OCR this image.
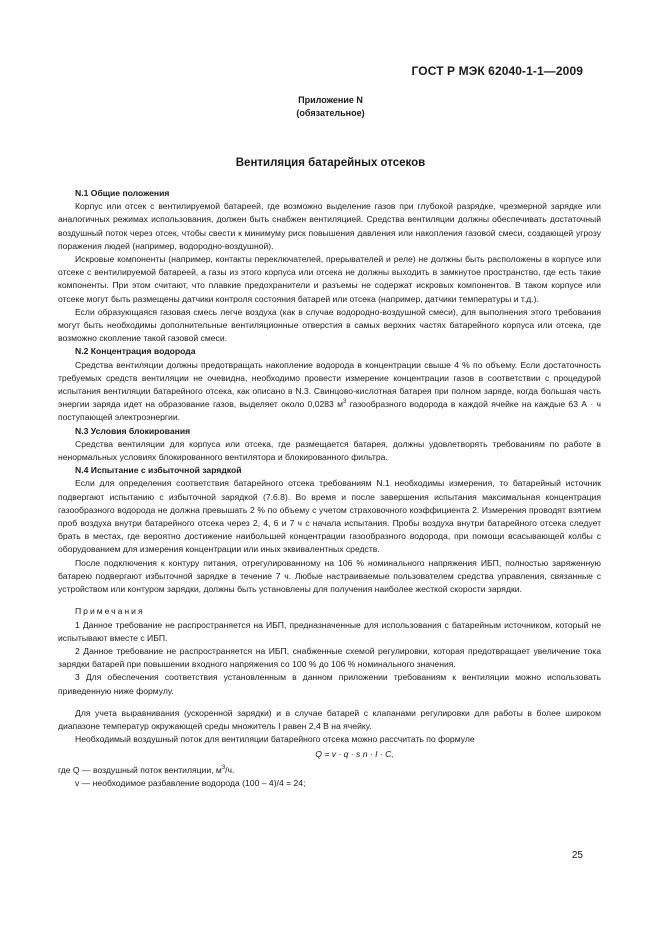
ГОСТ Р МЭК 62040-1-1—2009
Приложение N
(обязательное)
Вентиляция батарейных отсеков

N.1 Общие положения

Корпус или отсек с вентилируемой батареей, где возможно выделение газов при глубокой разрядке, чрезмерной зарядке или аналогичных режимах использования, должен быть снабжен вентиляцией. Средства вентиляции должны обеспечивать достаточный воздушный поток через отсек, чтобы свести к минимуму риск повышения давления или накопления газовой смеси, создающей угрозу поражения людей (например, водородно-воздушной).

Искровые компоненты (например, контакты переключателей, прерывателей и реле) не должны быть расположены в корпусе или отсеке с вентилируемой батареей, а газы из этого корпуса или отсека не должны выходить в замкнутое пространство, где есть такие компоненты. При этом считают, что плавкие предохранители и разъемы не содержат искровых компонентов. В таком корпусе или отсеке могут быть размещены датчики контроля состояния батарей или отсека (например, датчики температуры и т.д.).

Если образующаяся газовая смесь легче воздуха (как в случае водородно-воздушной смеси), для выполнения этого требования могут быть необходимы дополнительные вентиляционные отверстия в самых верхних частях батарейного корпуса или отсека, где возможно скопление такой газовой смеси.

N.2 Концентрация водорода

Средства вентиляции должны предотвращать накопление водорода в концентрации свыше 4 % по объему. Если достаточность требуемых средств вентиляции не очевидна, необходимо провести измерение концентрации газов в соответствии с процедурой испытания вентиляции батарейного отсека, как описано в N.3. Свинцово-кислотная батарея при полном заряде, когда большая часть энергии заряда идет на образование газов, выделяет около 0,0283 $м^3$ газообразного водорода в каждой ячейке на каждые 63 А · ч поступающей электроэнергии.

N.3 Условия блокирования

Средства вентиляции для корпуса или отсека, где размещается батарея, должны удовлетворять требованиям по работе в ненормальных условиях блокированного вентилятора и блокированного фильтра.

N.4 Испытание с избыточной зарядкой

Если для определения соответствия батарейного отсека требованиям N.1 необходимы измерения, то батарейный источник подвергают испытанию с избыточной зарядкой (7.6.8). Во время и после завершения испытания максимальная концентрация газообразного водорода не должна превышать 2 % по объему с учетом страховочного коэффициента 2. Измерения проводят взятием проб воздуха внутри батарейного отсека через 2, 4, 6 и 7 ч с начала испытания. Пробы воздуха внутри батарейного отсека следует брать в местах, где вероятно достижение наибольшей концентрации газообразного водорода, при помощи всасывающей колбы с оборудованием для измерения концентрации или иных эквивалентных средств.

После подключения к контуру питания, отрегулированному на 106 % номинального напряжения ИБП, полностью заряженную батарею подвергают избыточной зарядке в течение 7 ч. Любые настраиваемые пользователем средства управления, связанные с устройством или контуром зарядки, должны быть установлены для получения наиболее жесткой скорости зарядки.

Примечания

1 Данное требование не распространяется на ИБП, предназначенные для использования с батарейным источником, который не испытывают вместе с ИБП.

2 Данное требование не распространяется на ИБП, снабженные схемой регулировки, которая предотвращает увеличение тока зарядки батарей при повышении входного напряжения со 100 % до 106 % номинального значения.

3 Для обеспечения соответствия установленным в данном приложении требованиям к вентиляции можно использовать приведенную ниже формулу.

Для учета выравнивания (ускоренной зарядки) и в случае батарей с клапанами регулировки для работы в более широком диапазоне температур окружающей среды множитель I равен 2,4 В на ячейку.

Необходимый воздушный поток для вентиляции батарейного отсека можно рассчитать по формуле

Q = v · q · s n · I · C,

где Q — воздушный поток вентиляции, $м^3/ч$.

v — необходимое разбавление водорода (100 – 4)/4 = 24;

25
